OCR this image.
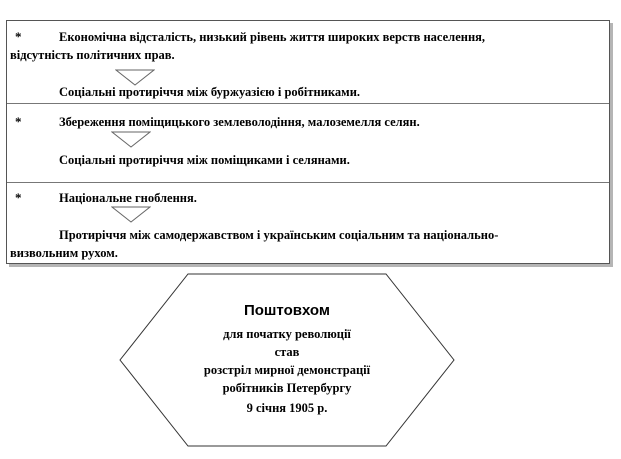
*	Економічна відсталість, низький рівень життя широких верств населення,
відсутність політичних прав.
Соціальні протиріччя між буржуазією і робітниками.
*	Збереження поміщицького землеволодіння, малоземелля селян.
Соціальні протиріччя між поміщиками і селянами.
*	Національне гноблення.
Протиріччя між самодержавством і українським соціальним та національно-
визвольним рухом.
Поштовхом
для початку революції
став
розстріл мирної демонстрації
робітників Петербургу
9 січня 1905 р.
